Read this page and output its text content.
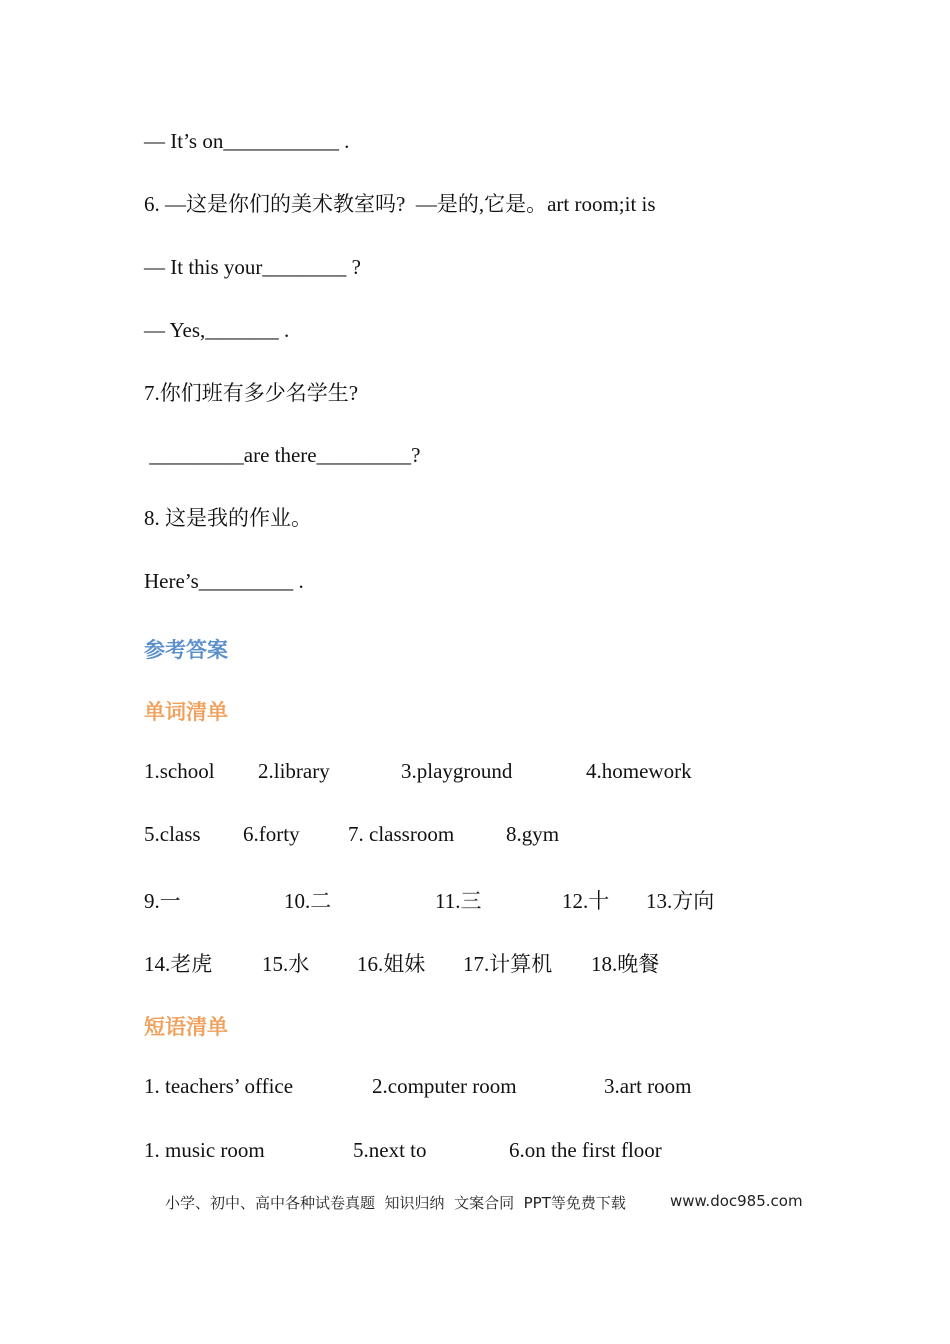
— It’s on___________ .
6. —这是你们的美术教室吗?  —是的,它是。art room;it is
— It this your________ ?
— Yes,_______ .
7.你们班有多少名学生?
_________are there_________?
8. 这是我的作业。
Here’s_________ .
参考答案
单词清单
1.school 2.library	3.playground	4.homework
5.class 6.forty 7. classroom 8.gym
9.一	10.二	11.三	12.十 13.方向
14.老虎 15.水 16.姐妹 17.计算机 18.晚餐
短语清单
1. teachers’ office	2.computer room	3.art room
1. music room	5.next to	6.on the first floor
小学、初中、高中各种试卷真题  知识归纳  文案合同  PPT等免费下载	www.doc985.com
